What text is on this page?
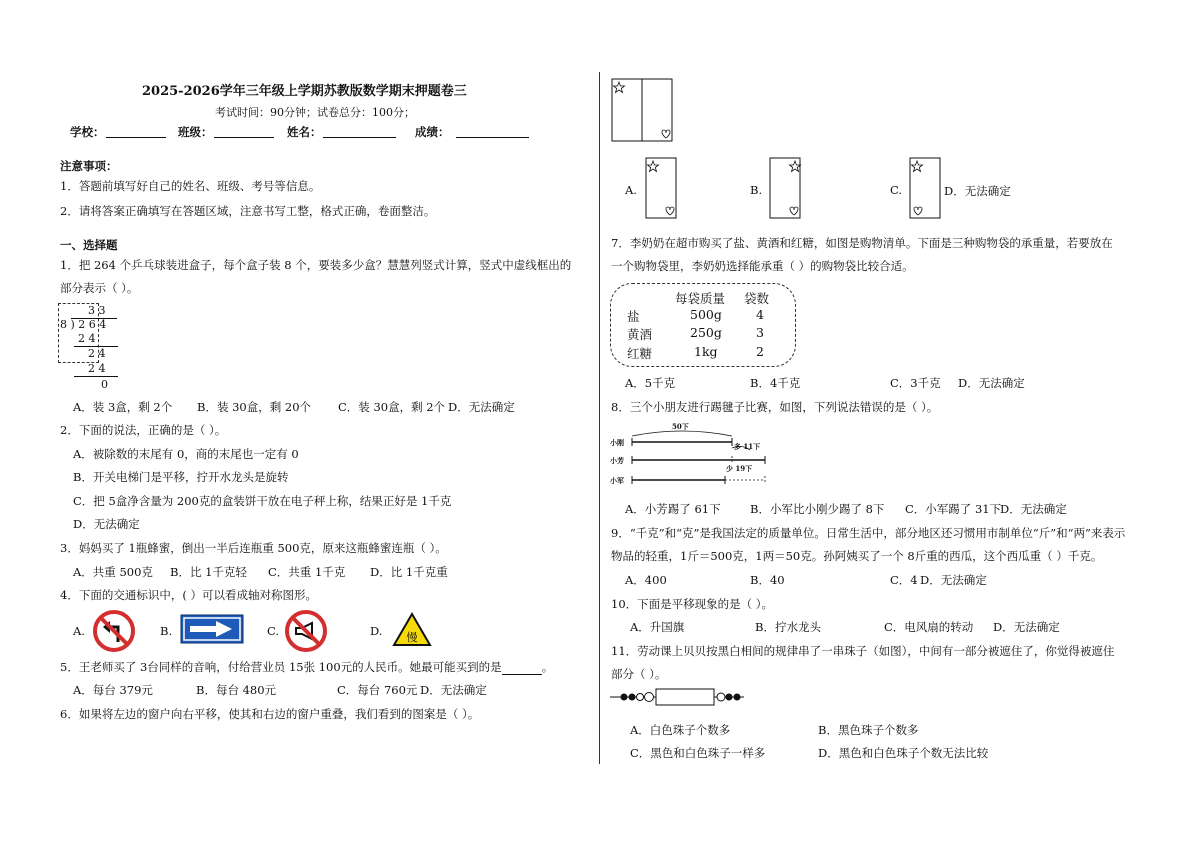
2025-2026学年三年级上学期苏教版数学期末押题卷三
考试时间：90分钟；试卷总分：100分；
学校：	班级：	姓名：	成绩：
注意事项：
1．答题前填写好自己的姓名、班级、考号等信息。
2．请将答案正确填写在答题区域，注意书写工整，格式正确，卷面整洁。
一、选择题
1．把 264 个乒乓球装进盒子，每个盒子装 8 个，要装多少盒？慧慧列竖式计算，竖式中虚线框出的
部分表示（ ）。
3 3
8 ) 2 6 4
2 4
2 4
2 4
0
A．装 3盒，剩 2个 B．装 30盒，剩 20个 C．装 30盒，剩 2个 D．无法确定
2．下面的说法，正确的是（ ）。
A．被除数的末尾有 0，商的末尾也一定有 0
B．开关电梯门是平移，拧开水龙头是旋转
C．把 5盒净含量为 200克的盒装饼干放在电子秤上称，结果正好是 1千克
D．无法确定
3．妈妈买了 1瓶蜂蜜，倒出一半后连瓶重 500克，原来这瓶蜂蜜连瓶（ ）。
A．共重 500克 B．比 1千克轻 C．共重 1千克 D．比 1千克重
4．下面的交通标识中，( ）可以看成轴对称图形。
A.	B.	C.	D. 慢
5．王老师买了 3台同样的音响，付给营业员 15张 100元的人民币。她最可能买到的是	。
A．每台 379元	B．每台 480元	C．每台 760元 D．无法确定
6．如果将左边的窗户向右平移，使其和右边的窗户重叠，我们看到的图案是（ ）。
A.	B.	C.	D．无法确定
7．李奶奶在超市购买了盐、黄酒和红糖，如图是购物清单。下面是三种购物袋的承重量，若要放在
一个购物袋里，李奶奶选择能承重（ ）的购物袋比较合适。
每袋质量 袋数
盐	500g	4
黄酒	250g	3
红糖	1kg	2
A．5千克	B．4千克	C．3千克 D．无法确定
8．三个小朋友进行踢毽子比赛，如图，下列说法错误的是（ ）。
50下
小刚
小芳
小军
多 11下
少 19下
A．小芳踢了 61下	B．小军比小刚少踢了 8下 C．小军踢了 31下
D．无法确定
9．“千克”和“克”是我国法定的质量单位。日常生活中，部分地区还习惯用市制单位“斤”和“两”来表示
物品的轻重，1斤＝500克，1两＝50克。孙阿姨买了一个 8斤重的西瓜，这个西瓜重（ ）千克。
A．400	B．40	C．4 D．无法确定
10．下面是平移现象的是（ ）。
A．升国旗	B．拧水龙头	C．电风扇的转动 D．无法确定
11．劳动课上贝贝按黑白相间的规律串了一串珠子（如图），中间有一部分被遮住了，你觉得被遮住
部分（ ）。
A．白色珠子个数多	B．黑色珠子个数多
C．黑色和白色珠子一样多	D．黑色和白色珠子个数无法比较
